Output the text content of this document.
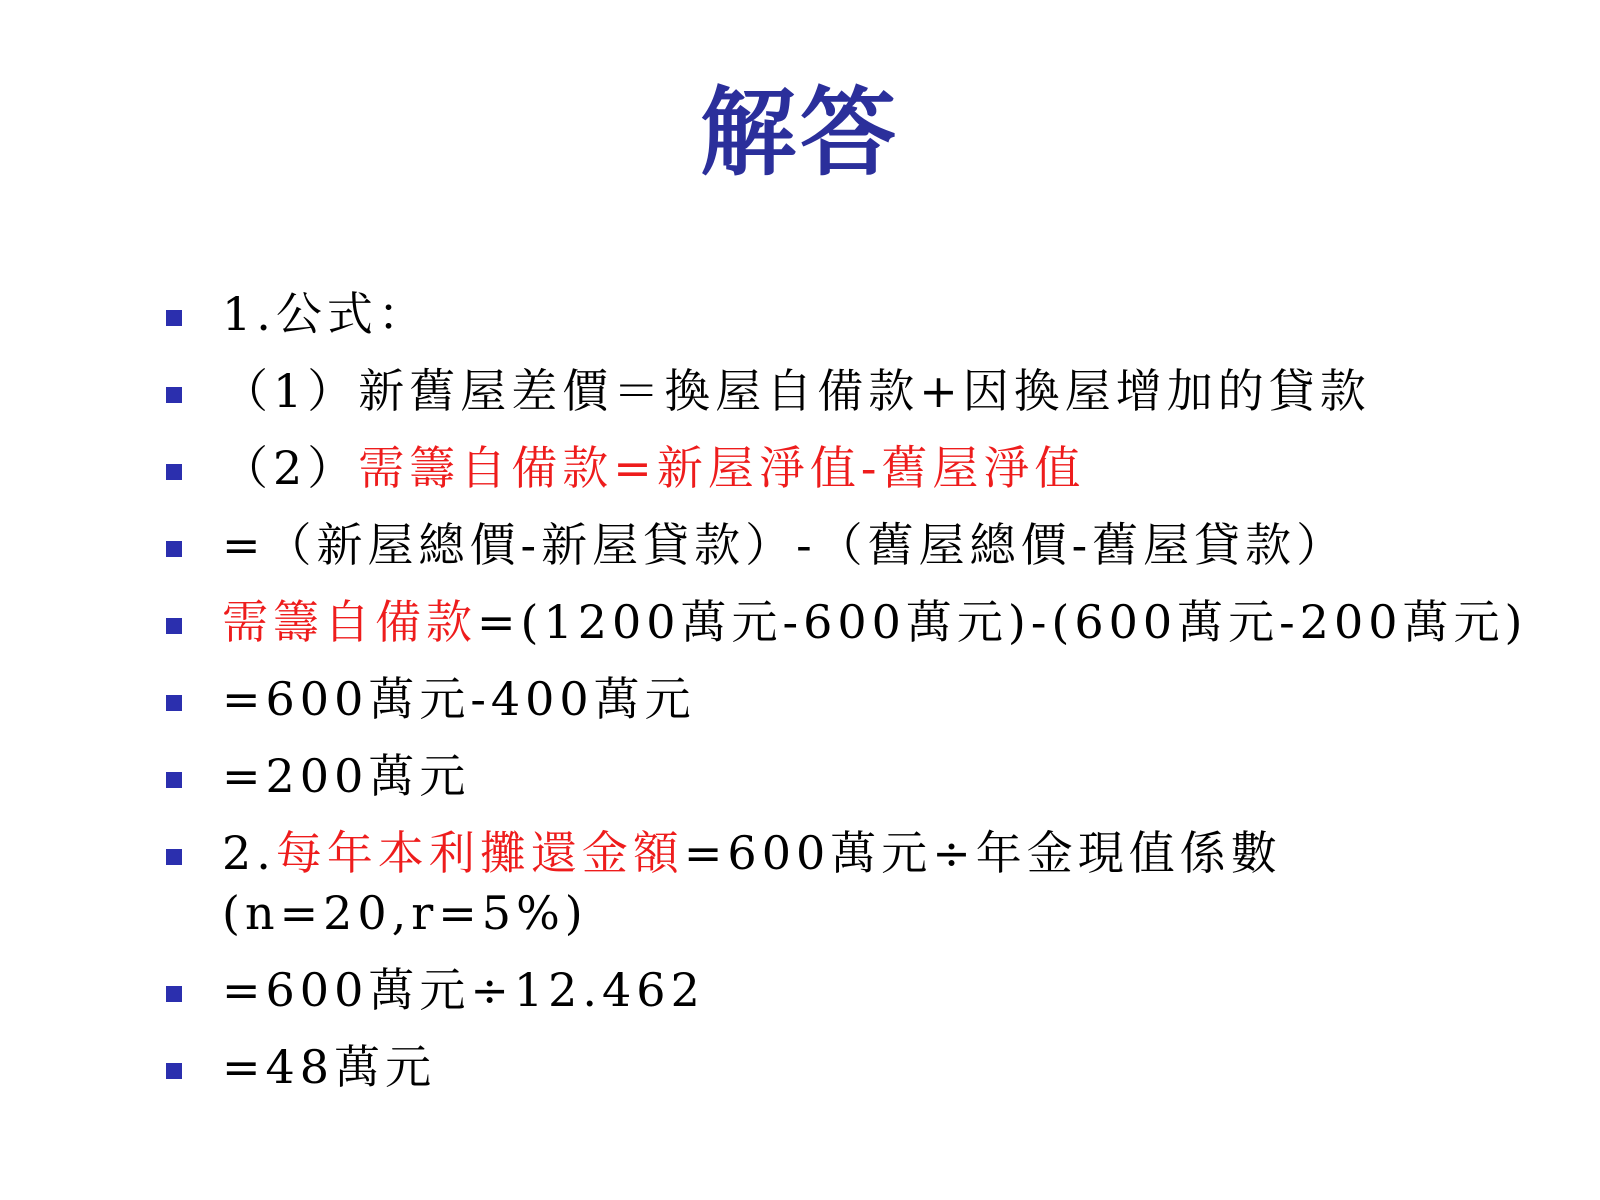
解答
1.公式：
（1）新舊屋差價＝換屋自備款+因換屋增加的貸款
（2）需籌自備款=新屋淨值-舊屋淨值
=（新屋總價-新屋貸款）-（舊屋總價-舊屋貸款）
需籌自備款=(1200萬元-600萬元)-(600萬元-200萬元)
=600萬元-400萬元
=200萬元
2.每年本利攤還金額=600萬元÷年金現值係數
(n=20,r=5%)
=600萬元÷12.462
=48萬元
